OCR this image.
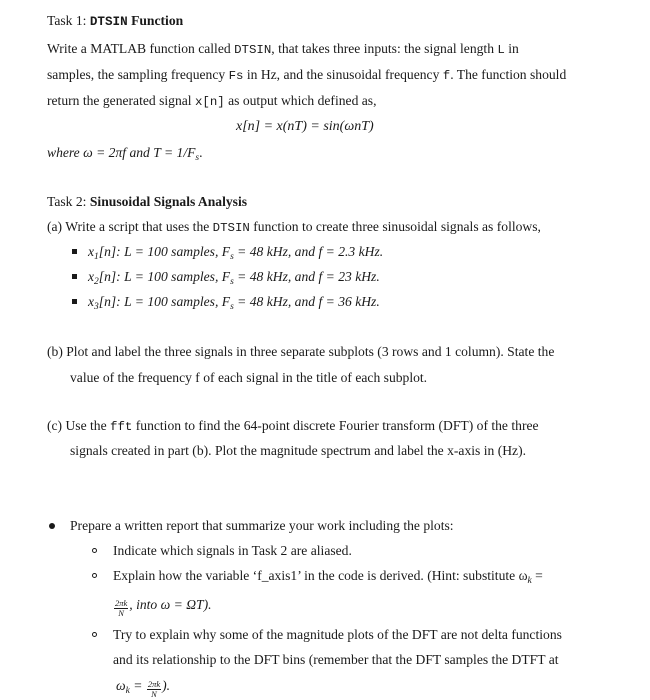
Task 1: DTSIN Function
Write a MATLAB function called DTSIN, that takes three inputs: the signal length L in
samples, the sampling frequency Fs in Hz, and the sinusoidal frequency f. The function should
return the generated signal x[n] as output which defined as,
x[n] = x(nT) = sin(ωnT)
where ω = 2πf and $T = 1/F_s$.
Task 2: Sinusoidal Signals Analysis
(a) Write a script that uses the DTSIN function to create three sinusoidal signals as follows,
$x_1[n]$: L = 100 samples, $F_s = 48$ kHz, and f = 2.3 kHz.
$x_2[n]$: L = 100 samples, $F_s = 48$ kHz, and f = 23 kHz.
$x_3[n]$: L = 100 samples, $F_s = 48$ kHz, and f = 36 kHz.
(b) Plot and label the three signals in three separate subplots (3 rows and 1 column). State the
value of the frequency f of each signal in the title of each subplot.
(c) Use the fft function to find the 64-point discrete Fourier transform (DFT) of the three
signals created in part (b). Plot the magnitude spectrum and label the x-axis in (Hz).
Prepare a written report that summarize your work including the plots:
Indicate which signals in Task 2 are aliased.
Explain how the variable ‘f_axis1’ in the code is derived. (Hint: substitute $\omega_k$ =
$\frac{2\pi k}{N}$ , into ω = ΩT).
Try to explain why some of the magnitude plots of the DFT are not delta functions
and its relationship to the DFT bins (remember that the DFT samples the DTFT at
$\omega_k = \frac{2\pi k}{N}$ ).
